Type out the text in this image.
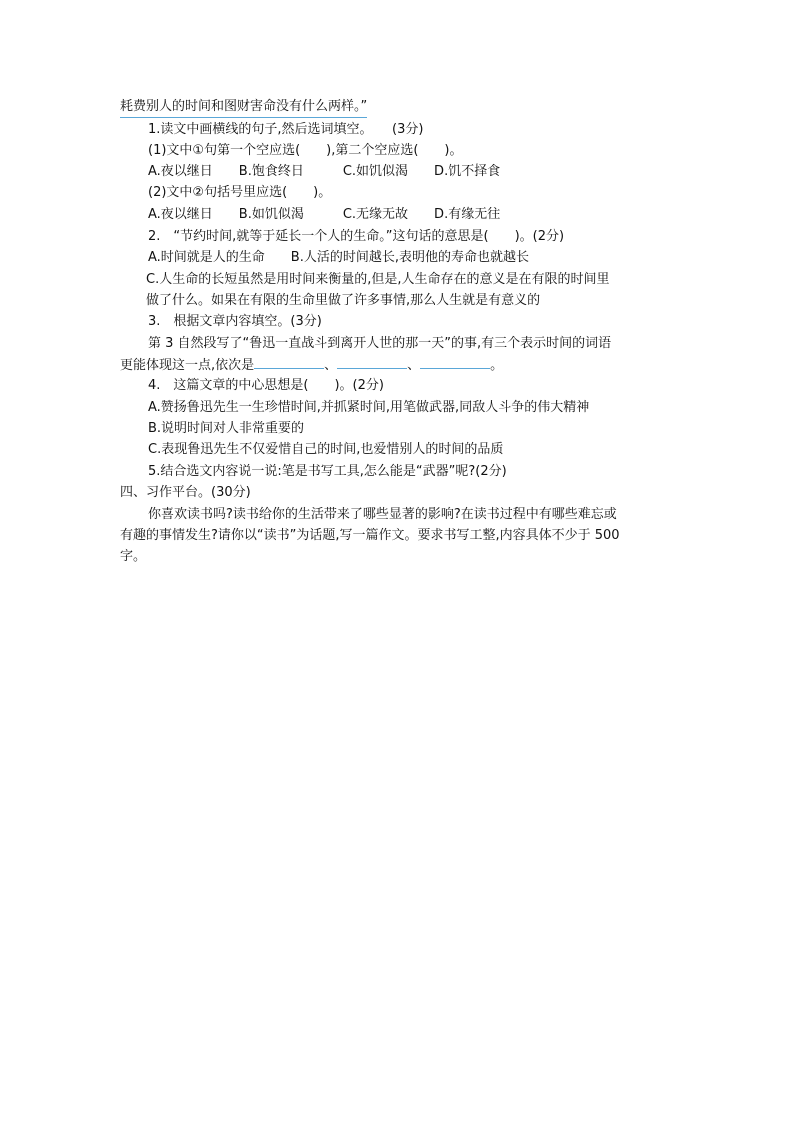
耗费别人的时间和图财害命没有什么两样。”
1.读文中画横线的句子,然后选词填空。　　(3分)
(1)文中①句第一个空应选(　　),第二个空应选(　　)。
A.夜以继日　　B.饱食终日　　　C.如饥似渴　　D.饥不择食
(2)文中②句括号里应选(　　)。
A.夜以继日　　B.如饥似渴　　　C.无缘无故　　D.有缘无往
2.　“节约时间,就等于延长一个人的生命。”这句话的意思是(　　)。(2分)
A.时间就是人的生命　　B.人活的时间越长,表明他的寿命也就越长
C.人生命的长短虽然是用时间来衡量的,但是,人生命存在的意义是在有限的时间里
做了什么。如果在有限的生命里做了许多事情,那么人生就是有意义的
3.　根据文章内容填空。(3分)
第 3 自然段写了“鲁迅一直战斗到离开人世的那一天”的事,有三个表示时间的词语
更能体现这一点,依次是	、	、	。
4.　这篇文章的中心思想是(　　)。(2分)
A.赞扬鲁迅先生一生珍惜时间,并抓紧时间,用笔做武器,同敌人斗争的伟大精神
B.说明时间对人非常重要的
C.表现鲁迅先生不仅爱惜自己的时间,也爱惜别人的时间的品质
5.结合选文内容说一说:笔是书写工具,怎么能是“武器”呢?(2分)
四、习作平台。(30分)
你喜欢读书吗?读书给你的生活带来了哪些显著的影响?在读书过程中有哪些难忘或
有趣的事情发生?请你以“读书”为话题,写一篇作文。要求书写工整,内容具体不少于 500
字。
